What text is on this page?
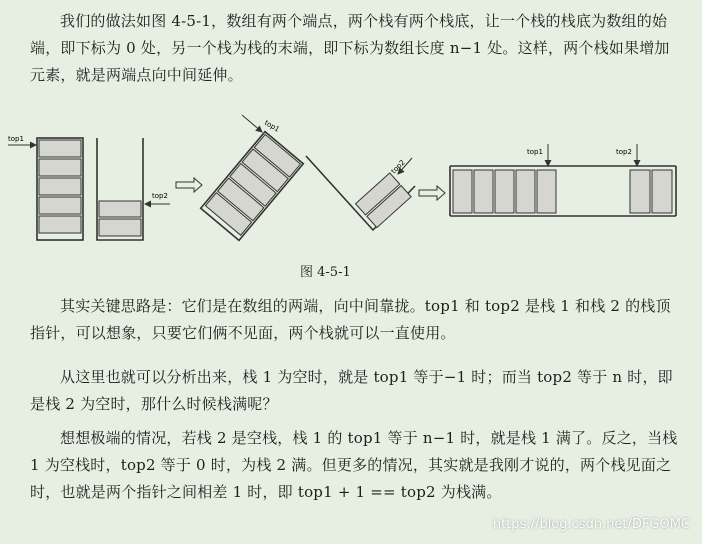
我们的做法如图 4-5-1，数组有两个端点，两个栈有两个栈底，让一个栈的栈底为数组的始端，即下标为 0 处，另一个栈为栈的末端，即下标为数组长度 n−1 处。这样，两个栈如果增加元素，就是两端点向中间延伸。

top1
top2
top1
top2
top1	top2
图 4-5-1

其实关键思路是：它们是在数组的两端，向中间靠拢。top1 和 top2 是栈 1 和栈 2 的栈顶指针，可以想象，只要它们俩不见面，两个栈就可以一直使用。

从这里也就可以分析出来，栈 1 为空时，就是 top1 等于−1 时；而当 top2 等于 n 时，即是栈 2 为空时，那什么时候栈满呢？

想想极端的情况，若栈 2 是空栈，栈 1 的 top1 等于 n−1 时，就是栈 1 满了。反之，当栈 1 为空栈时，top2 等于 0 时，为栈 2 满。但更多的情况，其实就是我刚才说的，两个栈见面之时，也就是两个指针之间相差 1 时，即 top1 + 1 == top2 为栈满。

https://blog.csdn.net/DFGOMC
